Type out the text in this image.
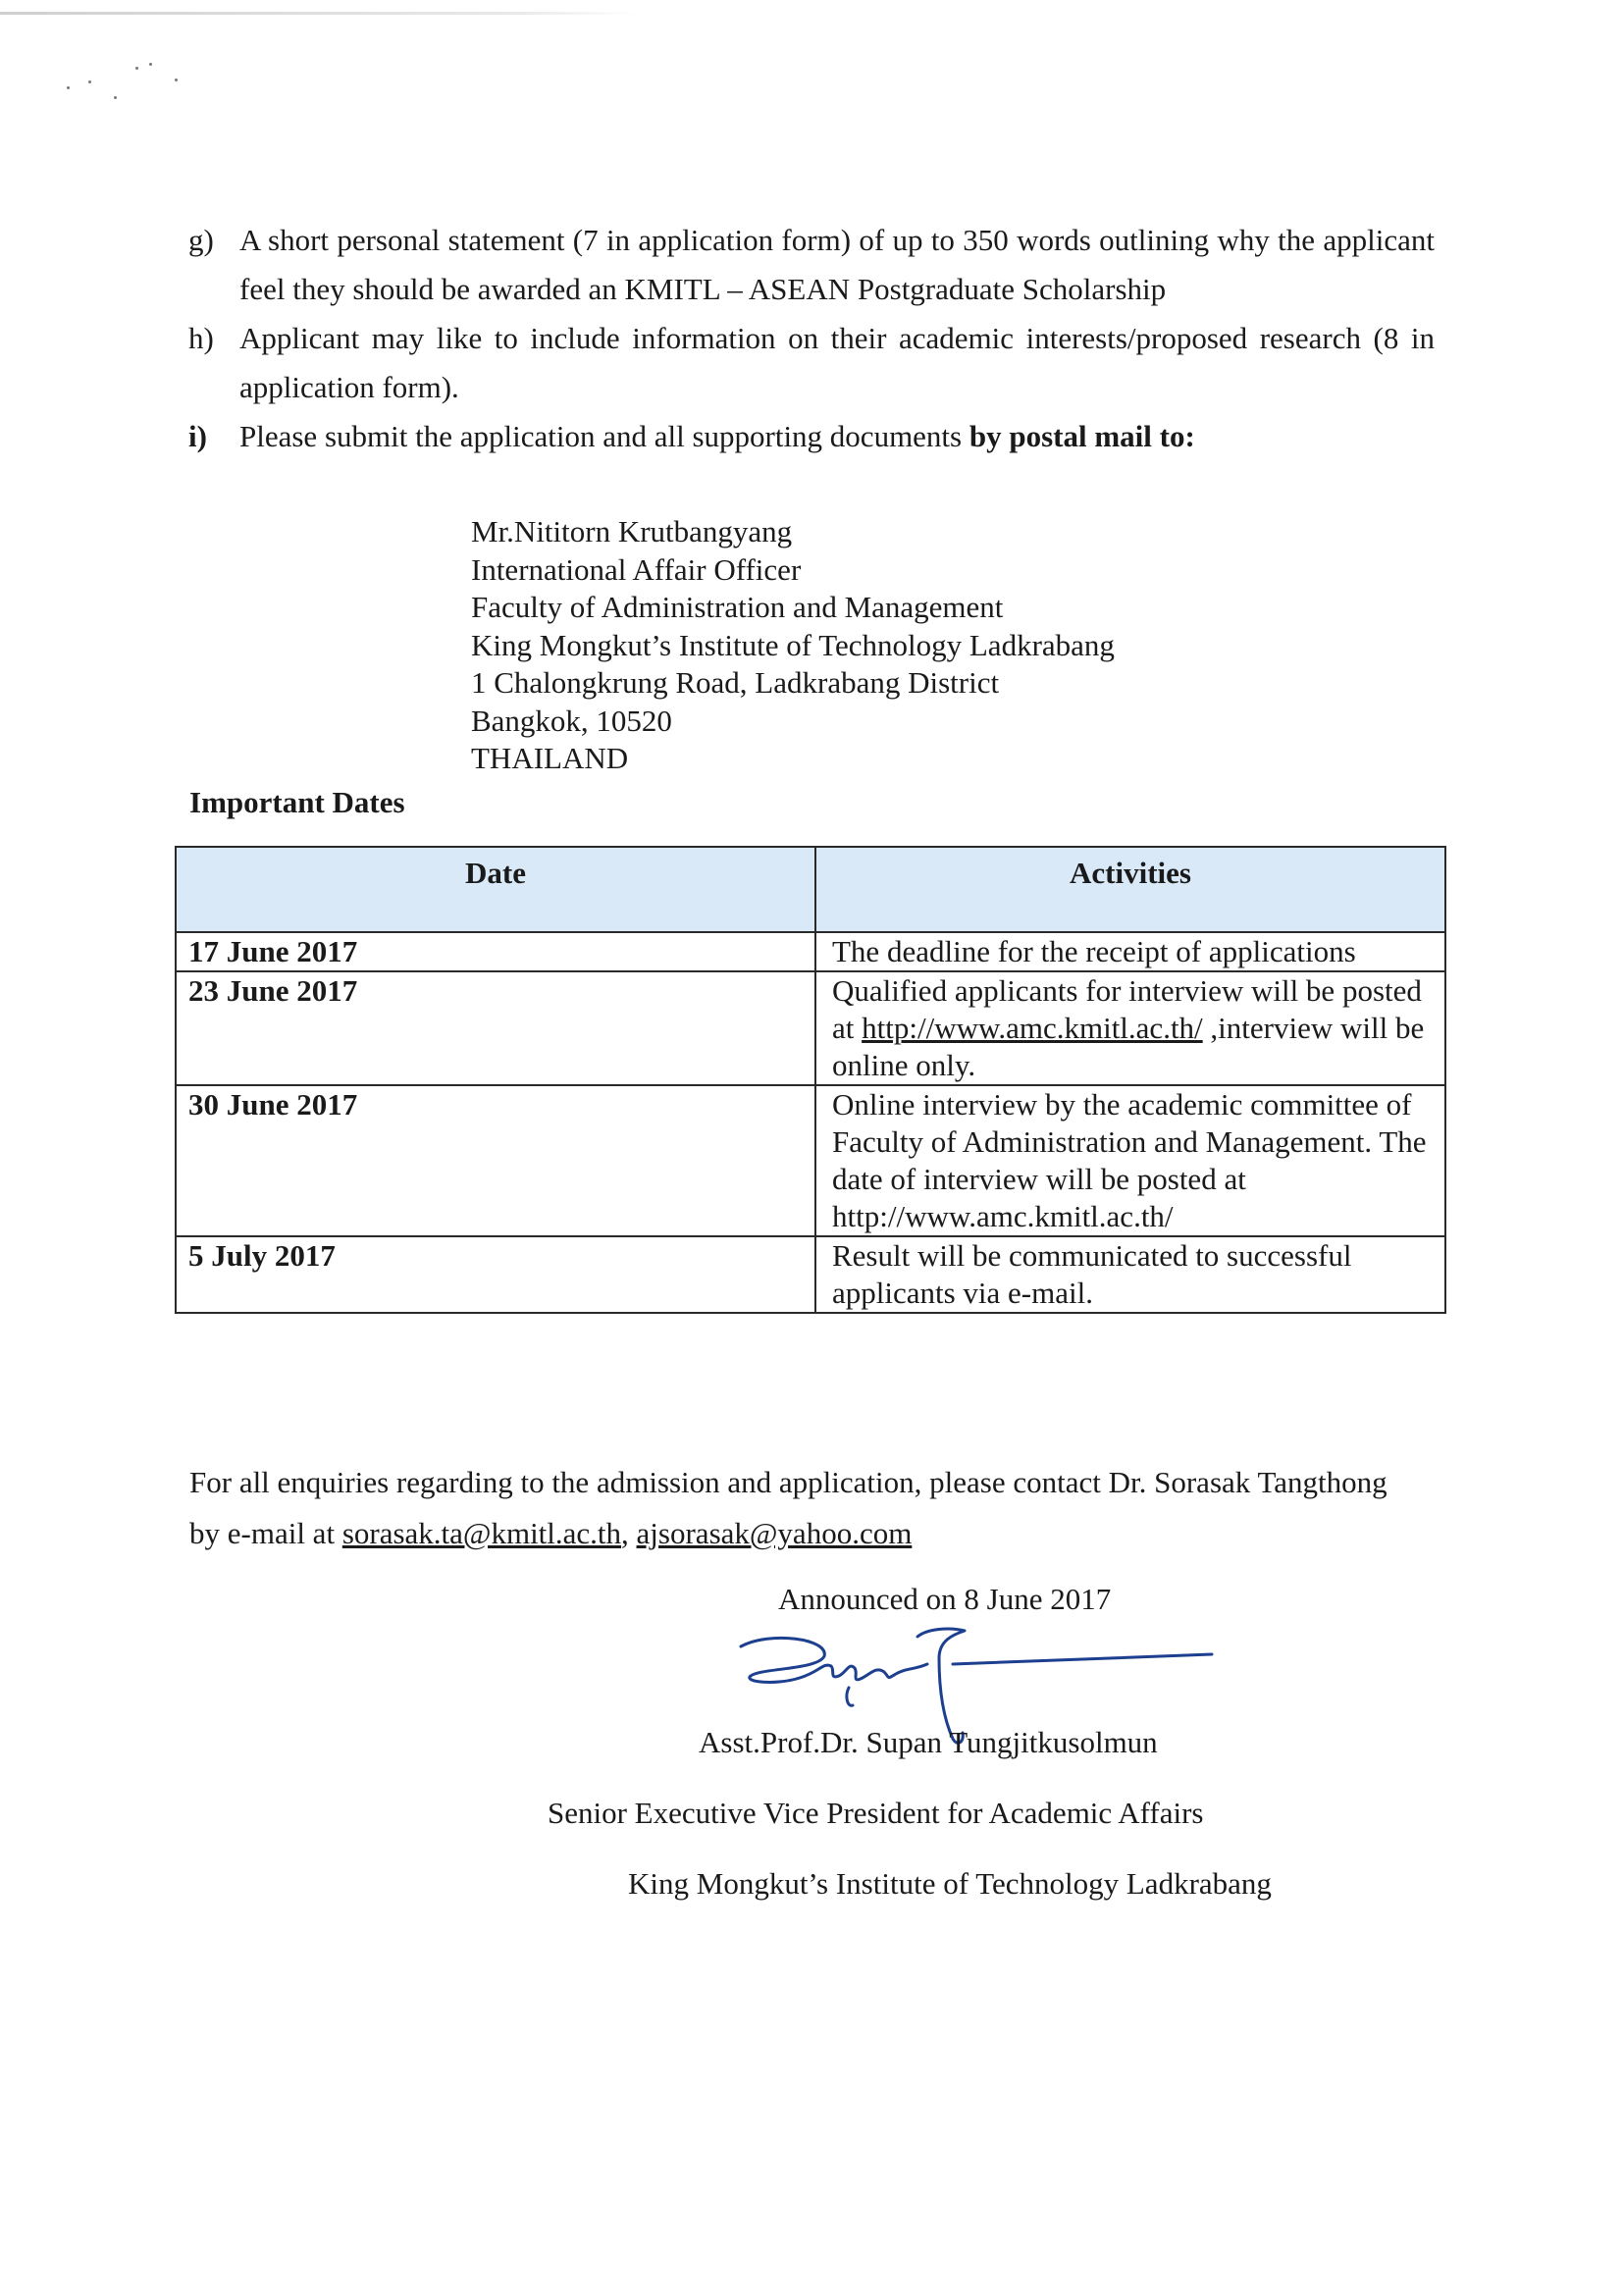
g) A short personal statement (7 in application form) of up to 350 words outlining why the applicant feel they should be awarded an KMITL – ASEAN Postgraduate Scholarship
h) Applicant may like to include information on their academic interests/proposed research (8 in application form).
i) Please submit the application and all supporting documents by postal mail to:
Mr.Nititorn Krutbangyang
International Affair Officer
Faculty of Administration and Management
King Mongkut’s Institute of Technology Ladkrabang
1 Chalongkrung Road, Ladkrabang District
Bangkok, 10520
THAILAND
Important Dates
Date	Activities
17 June 2017	The deadline for the receipt of applications
23 June 2017	Qualified applicants for interview will be posted at http://www.amc.kmitl.ac.th/ ,interview will be online only.
30 June 2017	Online interview by the academic committee of Faculty of Administration and Management. The date of interview will be posted at http://www.amc.kmitl.ac.th/
5 July 2017	Result will be communicated to successful applicants via e-mail.
For all enquiries regarding to the admission and application, please contact Dr. Sorasak Tangthong by e-mail at sorasak.ta@kmitl.ac.th, ajsorasak@yahoo.com
Announced on 8 June 2017
Asst.Prof.Dr. Supan Tungjitkusolmun
Senior Executive Vice President for Academic Affairs
King Mongkut’s Institute of Technology Ladkrabang
